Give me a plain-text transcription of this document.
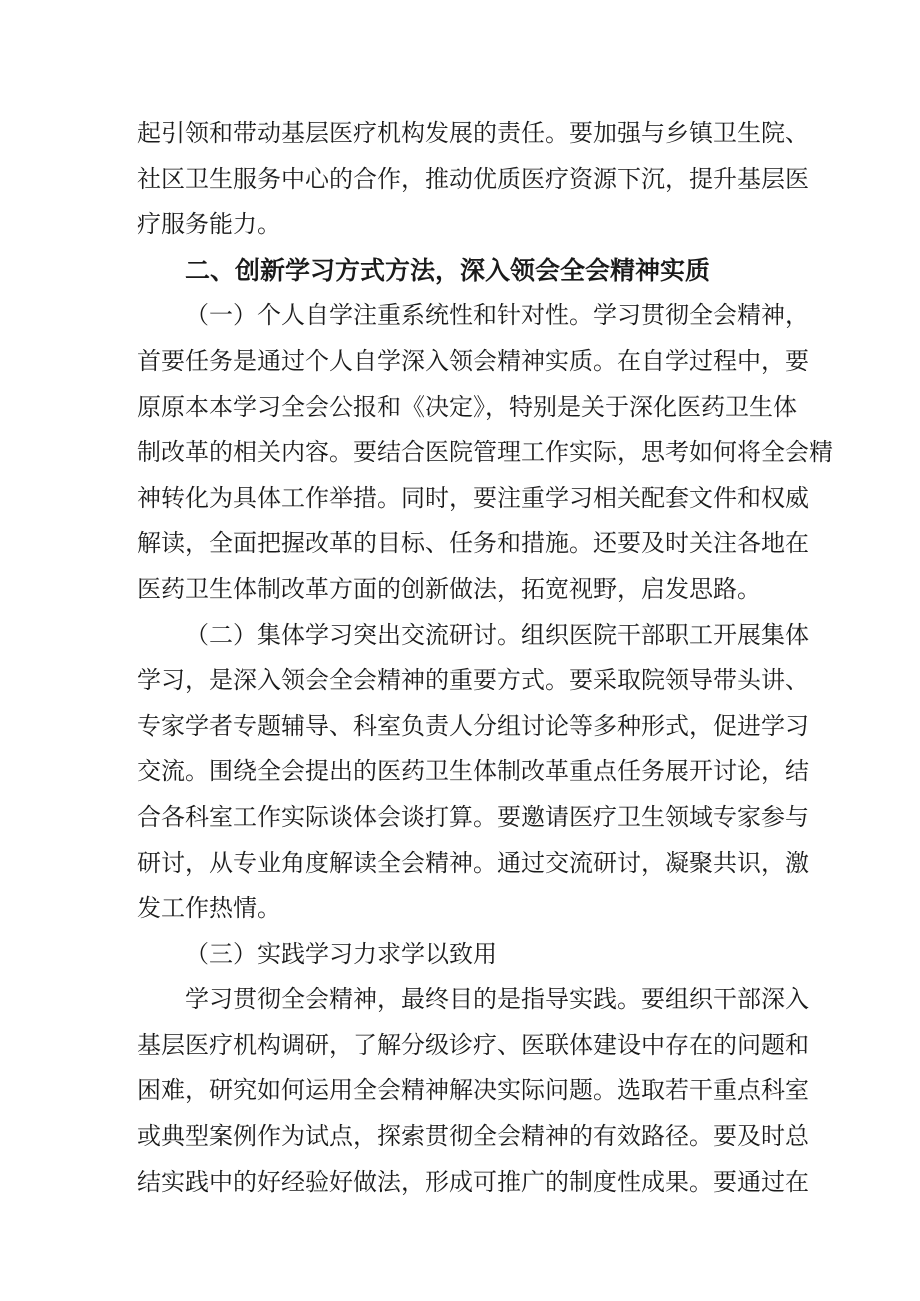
起引领和带动基层医疗机构发展的责任。要加强与乡镇卫生院、
社区卫生服务中心的合作，推动优质医疗资源下沉，提升基层医
疗服务能力。
二、创新学习方式方法，深入领会全会精神实质
（一）个人自学注重系统性和针对性。学习贯彻全会精神，
首要任务是通过个人自学深入领会精神实质。在自学过程中，要
原原本本学习全会公报和《决定》，特别是关于深化医药卫生体
制改革的相关内容。要结合医院管理工作实际，思考如何将全会精
神转化为具体工作举措。同时，要注重学习相关配套文件和权威
解读，全面把握改革的目标、任务和措施。还要及时关注各地在
医药卫生体制改革方面的创新做法，拓宽视野，启发思路。
（二）集体学习突出交流研讨。组织医院干部职工开展集体
学习，是深入领会全会精神的重要方式。要采取院领导带头讲、
专家学者专题辅导、科室负责人分组讨论等多种形式，促进学习
交流。围绕全会提出的医药卫生体制改革重点任务展开讨论，结
合各科室工作实际谈体会谈打算。要邀请医疗卫生领域专家参与
研讨，从专业角度解读全会精神。通过交流研讨，凝聚共识，激
发工作热情。
（三）实践学习力求学以致用
学习贯彻全会精神，最终目的是指导实践。要组织干部深入
基层医疗机构调研，了解分级诊疗、医联体建设中存在的问题和
困难，研究如何运用全会精神解决实际问题。选取若干重点科室
或典型案例作为试点，探索贯彻全会精神的有效路径。要及时总
结实践中的好经验好做法，形成可推广的制度性成果。要通过在
